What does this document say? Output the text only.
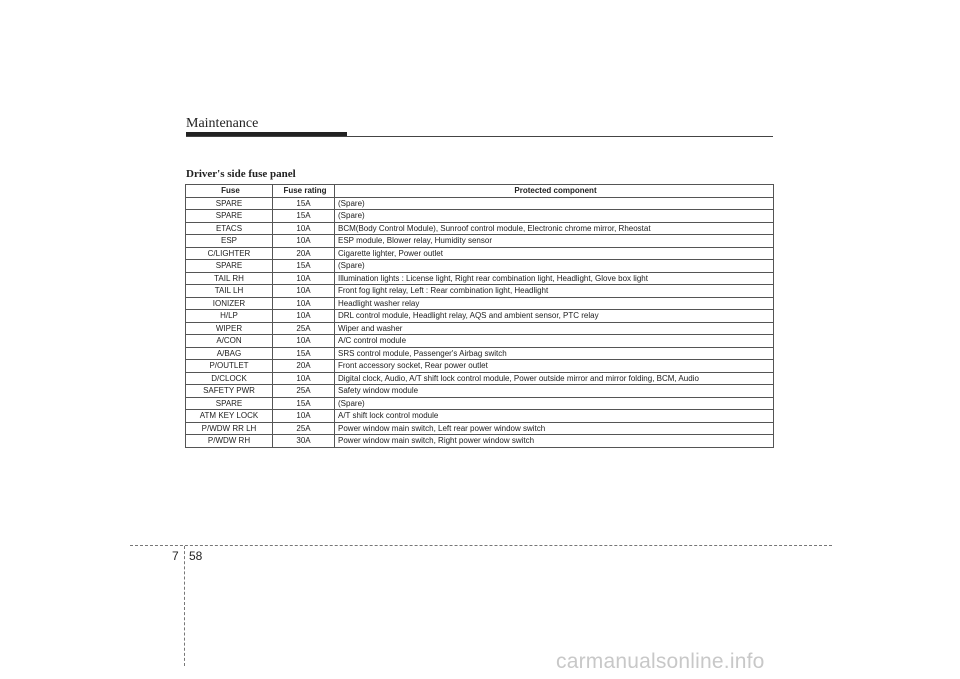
Maintenance
Driver's side fuse panel
Fuse	Fuse rating	Protected component
SPARE	15A	(Spare)
SPARE	15A	(Spare)
ETACS	10A	BCM(Body Control Module), Sunroof control module, Electronic chrome mirror, Rheostat
ESP	10A	ESP module, Blower relay, Humidity sensor
C/LIGHTER	20A	Cigarette lighter, Power outlet
SPARE	15A	(Spare)
TAIL RH	10A	Illumination lights : License light, Right rear combination light, Headlight, Glove box light
TAIL LH	10A	Front fog light relay, Left : Rear combination light, Headlight
IONIZER	10A	Headlight washer relay
H/LP	10A	DRL control module, Headlight relay, AQS and ambient sensor, PTC relay
WIPER	25A	Wiper and washer
A/CON	10A	A/C control module
A/BAG	15A	SRS control module, Passenger's Airbag switch
P/OUTLET	20A	Front accessory socket, Rear power outlet
D/CLOCK	10A	Digital clock, Audio, A/T shift lock control module, Power outside mirror and mirror folding, BCM, Audio
SAFETY PWR	25A	Safety window module
SPARE	15A	(Spare)
ATM KEY LOCK	10A	A/T shift lock control module
P/WDW RR LH	25A	Power window main switch, Left rear power window switch
P/WDW RH	30A	Power window main switch, Right power window switch
7 58
carmanualsonline.info
